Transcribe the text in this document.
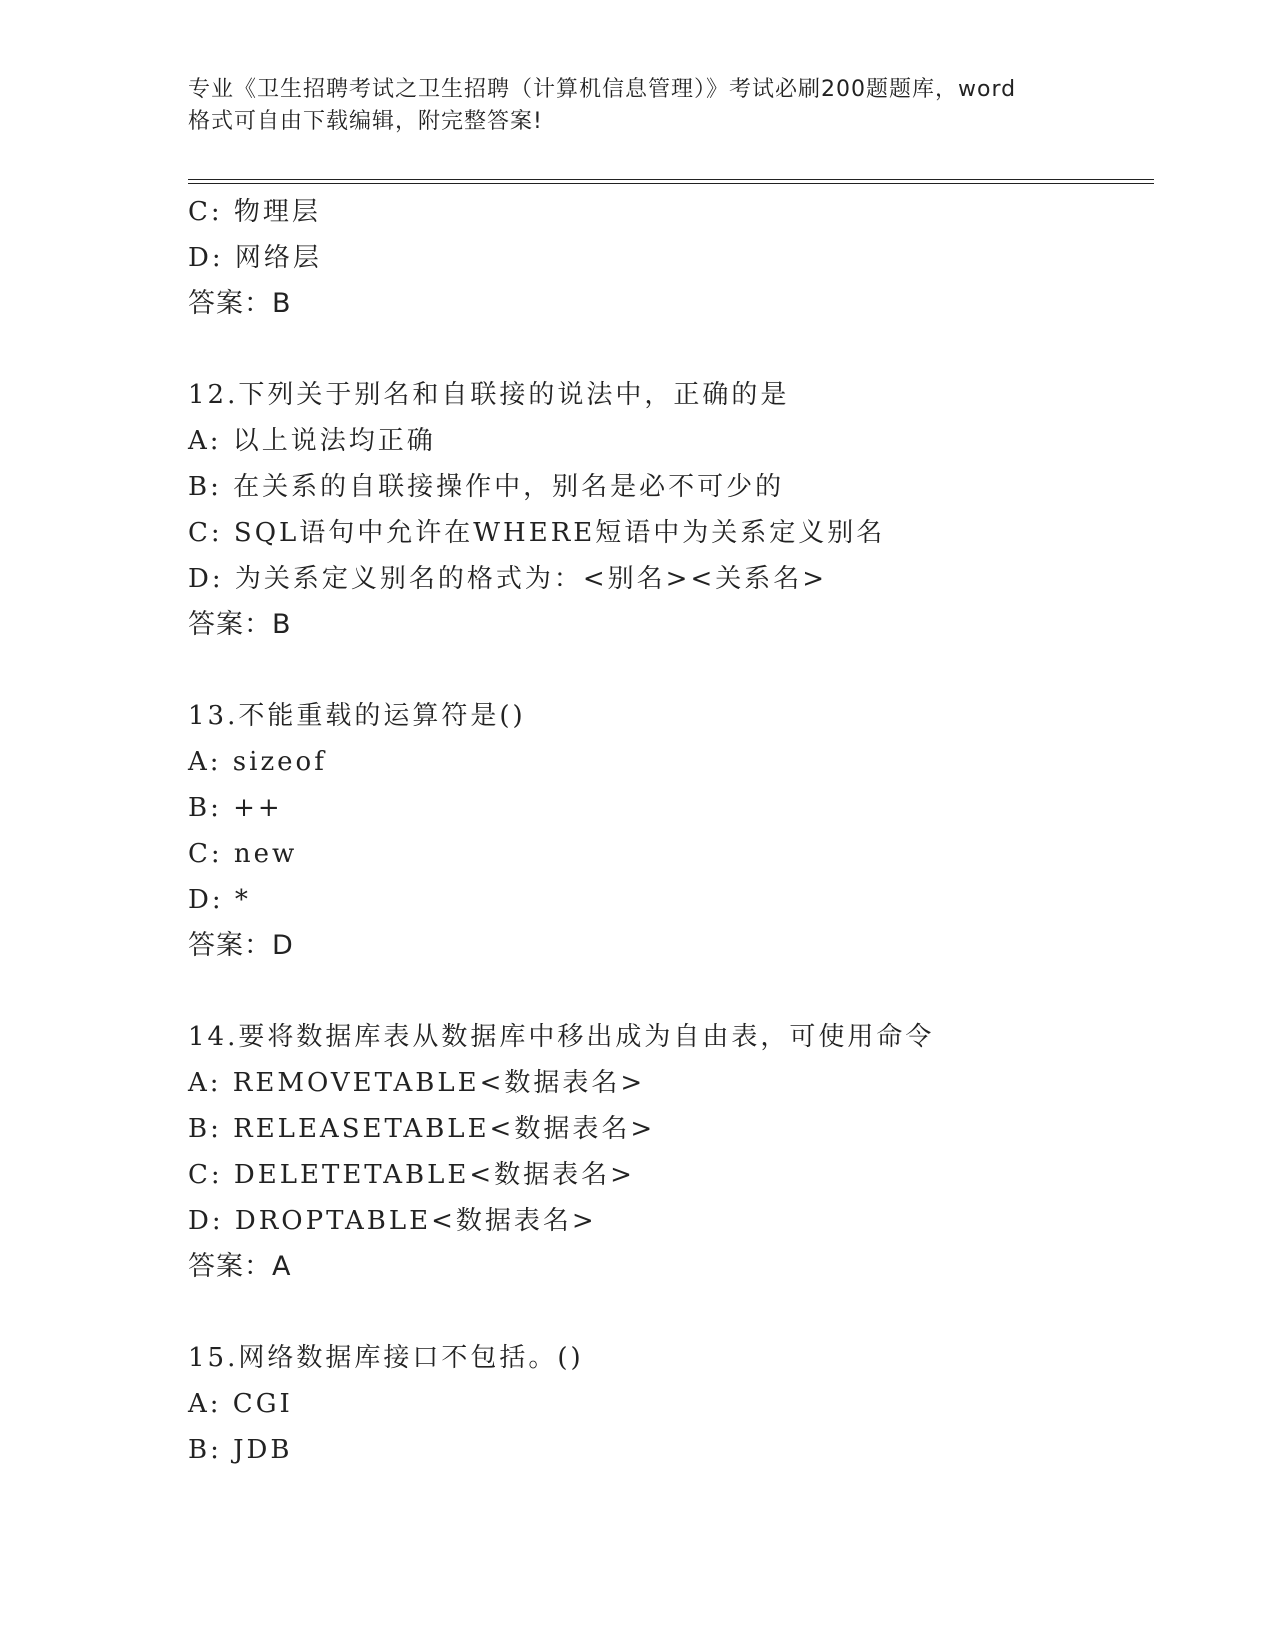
专业《卫生招聘考试之卫生招聘（计算机信息管理）》考试必刷200题题库，word
格式可自由下载编辑，附完整答案!
C: 物理层
D: 网络层
答案：B
12.下列关于别名和自联接的说法中，正确的是
A: 以上说法均正确
B: 在关系的自联接操作中，别名是必不可少的
C: SQL语句中允许在WHERE短语中为关系定义别名
D: 为关系定义别名的格式为：<别名><关系名>
答案：B
13.不能重载的运算符是()
A: sizeof
B: ++
C: new
D: *
答案：D
14.要将数据库表从数据库中移出成为自由表，可使用命令
A: REMOVETABLE<数据表名>
B: RELEASETABLE<数据表名>
C: DELETETABLE<数据表名>
D: DROPTABLE<数据表名>
答案：A
15.网络数据库接口不包括。()
A: CGI
B: JDB
